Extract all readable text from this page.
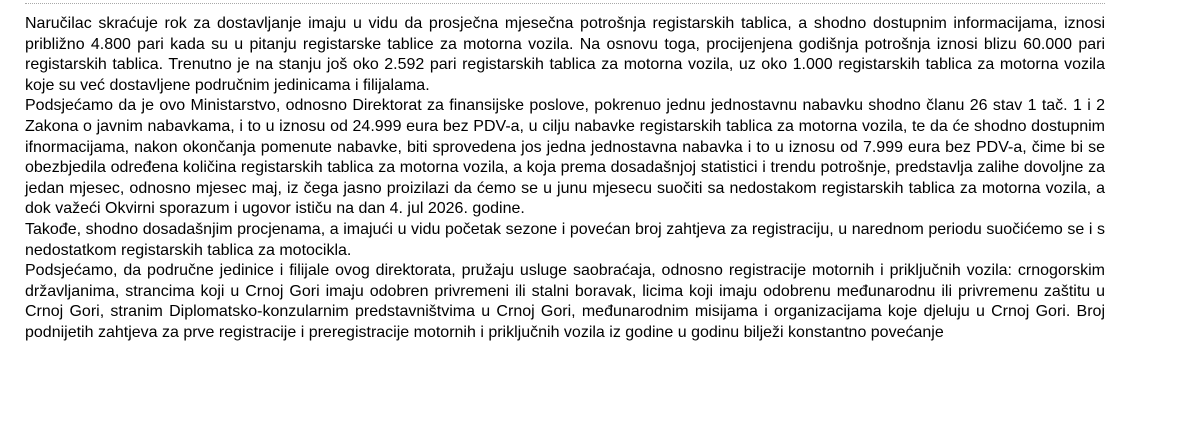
Naručilac skraćuje rok za dostavljanje imaju u vidu da prosječna mjesečna potrošnja registarskih tablica, a shodno dostupnim informacijama, iznosi približno 4.800 pari kada su u pitanju registarske tablice za motorna vozila. Na osnovu toga, procijenjena godišnja potrošnja iznosi blizu 60.000 pari registarskih tablica. Trenutno je na stanju još oko 2.592 pari registarskih tablica za motorna vozila, uz oko 1.000 registarskih tablica za motorna vozila koje su već dostavljene područnim jedinicama i filijalama.

Podsjećamo da je ovo Ministarstvo, odnosno Direktorat za finansijske poslove, pokrenuo jednu jednostavnu nabavku shodno članu 26 stav 1 tač. 1 i 2 Zakona o javnim nabavkama, i to u iznosu od 24.999 eura bez PDV-a, u cilju nabavke registarskih tablica za motorna vozila, te da će shodno dostupnim ifnormacijama, nakon okončanja pomenute nabavke, biti sprovedena jos jedna jednostavna nabavka i to u iznosu od 7.999 eura bez PDV-a, čime bi se obezbjedila određena količina registarskih tablica za motorna vozila, a koja prema dosadašnjoj statistici i trendu potrošnje, predstavlja zalihe dovoljne za jedan mjesec, odnosno mjesec maj, iz čega jasno proizilazi da ćemo se u junu mjesecu suočiti sa nedostakom registarskih tablica za motorna vozila, a dok važeći Okvirni sporazum i ugovor ističu na dan 4. jul 2026. godine.

Takođe, shodno dosadašnjim procjenama, a imajući u vidu početak sezone i povećan broj zahtjeva za registraciju, u narednom periodu suočićemo se i s nedostatkom registarskih tablica za motocikla.

Podsjećamo, da područne jedinice i filijale ovog direktorata, pružaju usluge saobraćaja, odnosno registracije motornih i priključnih vozila: crnogorskim državljanima, strancima koji u Crnoj Gori imaju odobren privremeni ili stalni boravak, licima koji imaju odobrenu međunarodnu ili privremenu zaštitu u Crnoj Gori, stranim Diplomatsko-konzularnim predstavništvima u Crnoj Gori, međunarodnim misijama i organizacijama koje djeluju u Crnoj Gori. Broj podnijetih zahtjeva za prve registracije i preregistracije motornih i priključnih vozila iz godine u godinu bilježi konstantno povećanje
